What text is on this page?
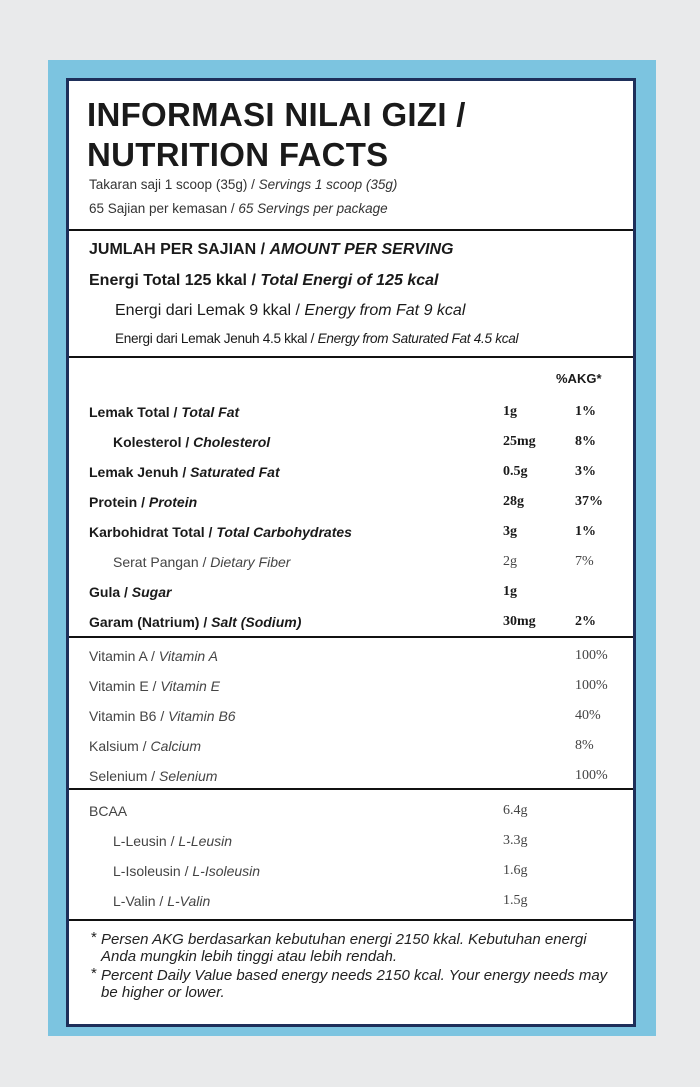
INFORMASI NILAI GIZI /
NUTRITION FACTS
Takaran saji 1 scoop (35g) / Servings 1 scoop (35g)
65 Sajian per kemasan / 65 Servings per package
JUMLAH PER SAJIAN / AMOUNT PER SERVING
Energi Total 125 kkal / Total Energi of 125 kcal
Energi dari Lemak 9 kkal / Energy from Fat 9 kcal
Energi dari Lemak Jenuh 4.5 kkal / Energy from Saturated Fat 4.5 kcal
%AKG*
Lemak Total / Total Fat	1g	1%
Kolesterol / Cholesterol	25mg	8%
Lemak Jenuh / Saturated Fat	0.5g	3%
Protein / Protein	28g	37%
Karbohidrat Total / Total Carbohydrates	3g	1%
Serat Pangan / Dietary Fiber	2g	7%
Gula / Sugar	1g
Garam (Natrium) / Salt (Sodium)	30mg	2%
Vitamin A / Vitamin A	100%
Vitamin E / Vitamin E	100%
Vitamin B6 / Vitamin B6	40%
Kalsium / Calcium	8%
Selenium / Selenium	100%
BCAA	6.4g
L-Leusin / L-Leusin	3.3g
L-Isoleusin / L-Isoleusin	1.6g
L-Valin / L-Valin	1.5g

* Persen AKG berdasarkan kebutuhan energi 2150 kkal. Kebutuhan energi Anda mungkin lebih tinggi atau lebih rendah.

* Percent Daily Value based energy needs 2150 kcal. Your energy needs may be higher or lower.
